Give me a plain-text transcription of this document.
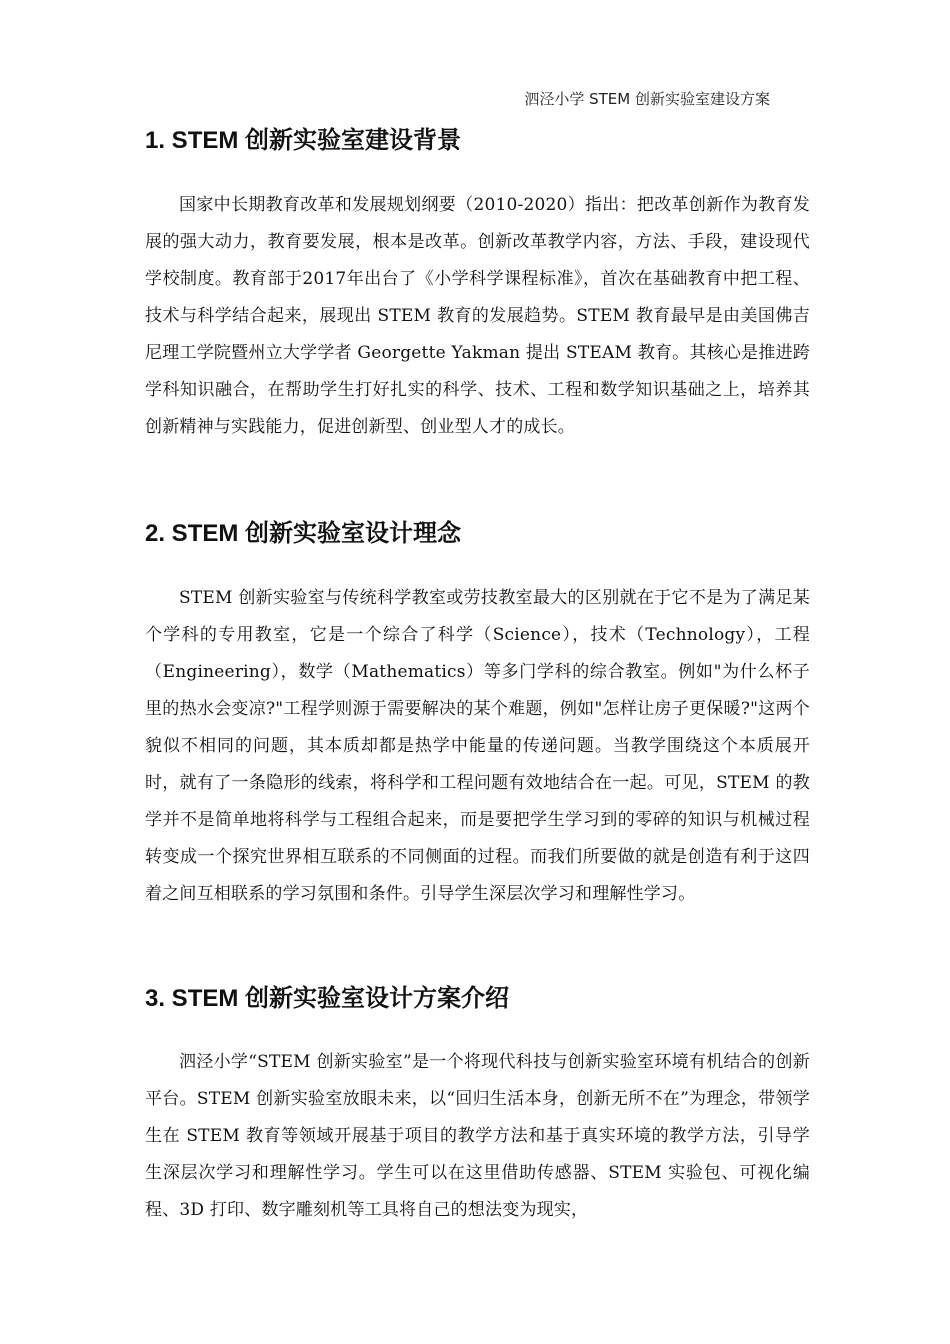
泗泾小学 STEM 创新实验室建设方案
1. STEM 创新实验室建设背景

国家中长期教育改革和发展规划纲要（2010-2020）指出：把改革创新作为教育发展的强大动力，教育要发展，根本是改革。创新改革教学内容，方法、手段，建设现代学校制度。教育部于2017年出台了《小学科学课程标准》，首次在基础教育中把工程、技术与科学结合起来，展现出 STEM 教育的发展趋势。STEM 教育最早是由美国佛吉尼理工学院暨州立大学学者 Georgette Yakman 提出 STEAM 教育。其核心是推进跨学科知识融合，在帮助学生打好扎实的科学、技术、工程和数学知识基础之上，培养其创新精神与实践能力，促进创新型、创业型人才的成长。

2. STEM 创新实验室设计理念

STEM 创新实验室与传统科学教室或劳技教室最大的区别就在于它不是为了满足某个学科的专用教室，它是一个综合了科学（Science），技术（Technology），工程（Engineering），数学（Mathematics）等多门学科的综合教室。例如"为什么杯子里的热水会变凉?"工程学则源于需要解决的某个难题，例如"怎样让房子更保暖?"这两个貌似不相同的问题，其本质却都是热学中能量的传递问题。当教学围绕这个本质展开时，就有了一条隐形的线索，将科学和工程问题有效地结合在一起。可见，STEM 的教学并不是简单地将科学与工程组合起来，而是要把学生学习到的零碎的知识与机械过程转变成一个探究世界相互联系的不同侧面的过程。而我们所要做的就是创造有利于这四着之间互相联系的学习氛围和条件。引导学生深层次学习和理解性学习。

3. STEM 创新实验室设计方案介绍

泗泾小学“STEM 创新实验室”是一个将现代科技与创新实验室环境有机结合的创新平台。STEM 创新实验室放眼未来，以“回归生活本身，创新无所不在”为理念，带领学生在 STEM 教育等领域开展基于项目的教学方法和基于真实环境的教学方法，引导学生深层次学习和理解性学习。学生可以在这里借助传感器、STEM 实验包、可视化编程、3D 打印、数字雕刻机等工具将自己的想法变为现实，
